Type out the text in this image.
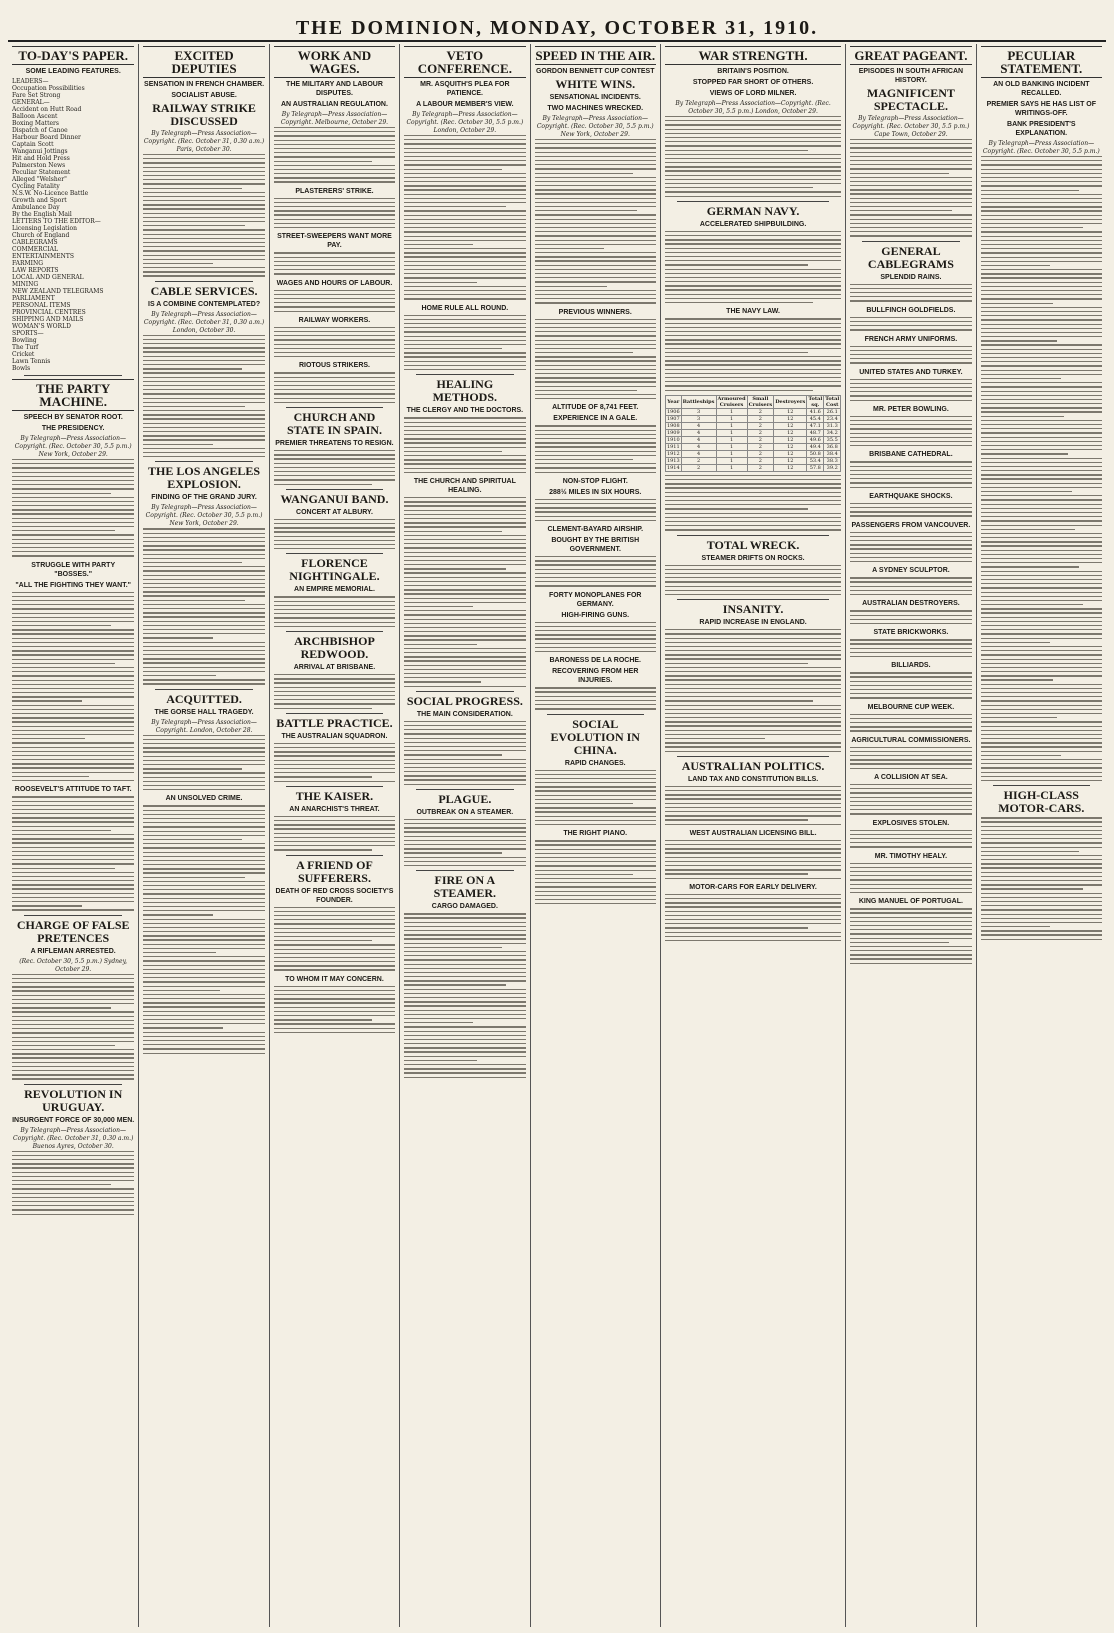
THE DOMINION, MONDAY, OCTOBER 31, 1910.
TO-DAY'S PAPER.
SOME LEADING FEATURES.
LEADERS—
Occupation Possibilities
Fare Set Strong
GENERAL—
Accident on Hutt Road
Balloon Ascent
Boxing Matters
Dispatch of Canoe
Harbour Board Dinner
Captain Scott
Wanganui Jottings
Hit and Hold Press
Palmerston News
Peculiar Statement
Alleged "Welsher"
Cycling Fatality
N.S.W. No-Licence Battle
Growth and Sport
Ambulance Day
By the English Mail
LETTERS TO THE EDITOR—
Licensing Legislation
Church of England
CABLEGRAMS
COMMERCIAL
ENTERTAINMENTS
FARMING
LAW REPORTS
LOCAL AND GENERAL
MINING
NEW ZEALAND TELEGRAMS
PARLIAMENT
PERSONAL ITEMS
PROVINCIAL CENTRES
SHIPPING AND MAILS
WOMAN'S WORLD
SPORTS—
Bowling
The Turf
Cricket
Lawn Tennis
Bowls
THE PARTY MACHINE.
SPEECH BY SENATOR ROOT.
THE PRESIDENCY.
By Telegraph—Press Association—Copyright. (Rec. October 30, 5.5 p.m.) New York, October 29.
STRUGGLE WITH PARTY "BOSSES."
"ALL THE FIGHTING THEY WANT."
ROOSEVELT'S ATTITUDE TO TAFT.
CHARGE OF FALSE PRETENCES
A RIFLEMAN ARRESTED.
(Rec. October 30, 5.5 p.m.) Sydney, October 29.
REVOLUTION IN URUGUAY.
INSURGENT FORCE OF 30,000 MEN.
By Telegraph—Press Association—Copyright. (Rec. October 31, 0.30 a.m.) Buenos Ayres, October 30.
EXCITED DEPUTIES
SENSATION IN FRENCH CHAMBER.
SOCIALIST ABUSE.
RAILWAY STRIKE DISCUSSED
By Telegraph—Press Association—Copyright. (Rec. October 31, 0.30 a.m.) Paris, October 30.
CABLE SERVICES.
IS A COMBINE CONTEMPLATED?
By Telegraph—Press Association—Copyright. (Rec. October 31, 0.30 a.m.) London, October 30.
THE LOS ANGELES EXPLOSION.
FINDING OF THE GRAND JURY.
By Telegraph—Press Association—Copyright. (Rec. October 30, 5.5 p.m.) New York, October 29.
ACQUITTED.
THE GORSE HALL TRAGEDY.
By Telegraph—Press Association—Copyright. London, October 28.
AN UNSOLVED CRIME.
WORK AND WAGES.
THE MILITARY AND LABOUR DISPUTES.
AN AUSTRALIAN REGULATION.
By Telegraph—Press Association—Copyright. Melbourne, October 29.
PLASTERERS' STRIKE.
STREET-SWEEPERS WANT MORE PAY.
WAGES AND HOURS OF LABOUR.
RAILWAY WORKERS.
RIOTOUS STRIKERS.
CHURCH AND STATE IN SPAIN.
PREMIER THREATENS TO RESIGN.
WANGANUI BAND.
CONCERT AT ALBURY.
FLORENCE NIGHTINGALE.
AN EMPIRE MEMORIAL.
ARCHBISHOP REDWOOD.
ARRIVAL AT BRISBANE.
BATTLE PRACTICE.
THE AUSTRALIAN SQUADRON.
THE KAISER.
AN ANARCHIST'S THREAT.
A FRIEND OF SUFFERERS.
DEATH OF RED CROSS SOCIETY'S FOUNDER.
TO WHOM IT MAY CONCERN.
VETO CONFERENCE.
MR. ASQUITH'S PLEA FOR PATIENCE.
A LABOUR MEMBER'S VIEW.
By Telegraph—Press Association—Copyright. (Rec. October 30, 5.5 p.m.) London, October 29.
HOME RULE ALL ROUND.
HEALING METHODS.
THE CLERGY AND THE DOCTORS.
THE CHURCH AND SPIRITUAL HEALING.
SOCIAL PROGRESS.
THE MAIN CONSIDERATION.
PLAGUE.
OUTBREAK ON A STEAMER.
FIRE ON A STEAMER.
CARGO DAMAGED.
SPEED IN THE AIR.
GORDON BENNETT CUP CONTEST
WHITE WINS.
SENSATIONAL INCIDENTS.
TWO MACHINES WRECKED.
By Telegraph—Press Association—Copyright. (Rec. October 30, 5.5 p.m.) New York, October 29.
PREVIOUS WINNERS.
ALTITUDE OF 8,741 FEET.
EXPERIENCE IN A GALE.
NON-STOP FLIGHT.
288½ MILES IN SIX HOURS.
CLEMENT-BAYARD AIRSHIP.
BOUGHT BY THE BRITISH GOVERNMENT.
FORTY MONOPLANES FOR GERMANY.
HIGH-FIRING GUNS.
BARONESS DE LA ROCHE.
RECOVERING FROM HER INJURIES.
SOCIAL EVOLUTION IN CHINA.
RAPID CHANGES.
THE RIGHT PIANO.
WAR STRENGTH.
BRITAIN'S POSITION.
STOPPED FAR SHORT OF OTHERS.
VIEWS OF LORD MILNER.
By Telegraph—Press Association—Copyright. (Rec. October 30, 5.5 p.m.) London, October 29.
GERMAN NAVY.
ACCELERATED SHIPBUILDING.
THE NAVY LAW.
Year	Battleships	Armoured Cruisers	Small Cruisers	Destroyers	Total sq.	Total Cost
1906	3	1	2	12	41.6	26.1
1907	3	1	2	12	45.4	23.4
1908	4	1	2	12	47.1	31.3
1909	4	1	2	12	48.7	34.2
1910	4	1	2	12	49.6	35.5
1911	4	1	2	12	49.4	36.8
1912	4	1	2	12	50.8	38.4
1913	2	1	2	12	53.4	38.3
1914	2	1	2	12	57.8	39.2
TOTAL WRECK.
STEAMER DRIFTS ON ROCKS.
INSANITY.
RAPID INCREASE IN ENGLAND.
AUSTRALIAN POLITICS.
LAND TAX AND CONSTITUTION BILLS.
WEST AUSTRALIAN LICENSING BILL.
MOTOR-CARS FOR EARLY DELIVERY.
GREAT PAGEANT.
EPISODES IN SOUTH AFRICAN HISTORY.
MAGNIFICENT SPECTACLE.
By Telegraph—Press Association—Copyright. (Rec. October 30, 5.5 p.m.) Cape Town, October 29.
GENERAL CABLEGRAMS
SPLENDID RAINS.
BULLFINCH GOLDFIELDS.
FRENCH ARMY UNIFORMS.
UNITED STATES AND TURKEY.
MR. PETER BOWLING.
BRISBANE CATHEDRAL.
EARTHQUAKE SHOCKS.
PASSENGERS FROM VANCOUVER.
A SYDNEY SCULPTOR.
AUSTRALIAN DESTROYERS.
STATE BRICKWORKS.
BILLIARDS.
MELBOURNE CUP WEEK.
AGRICULTURAL COMMISSIONERS.
A COLLISION AT SEA.
EXPLOSIVES STOLEN.
MR. TIMOTHY HEALY.
KING MANUEL OF PORTUGAL.
PECULIAR STATEMENT.
AN OLD BANKING INCIDENT RECALLED.
PREMIER SAYS HE HAS LIST OF WRITINGS-OFF.
BANK PRESIDENT'S EXPLANATION.
By Telegraph—Press Association—Copyright. (Rec. October 30, 5.5 p.m.)
HIGH-CLASS MOTOR-CARS.
